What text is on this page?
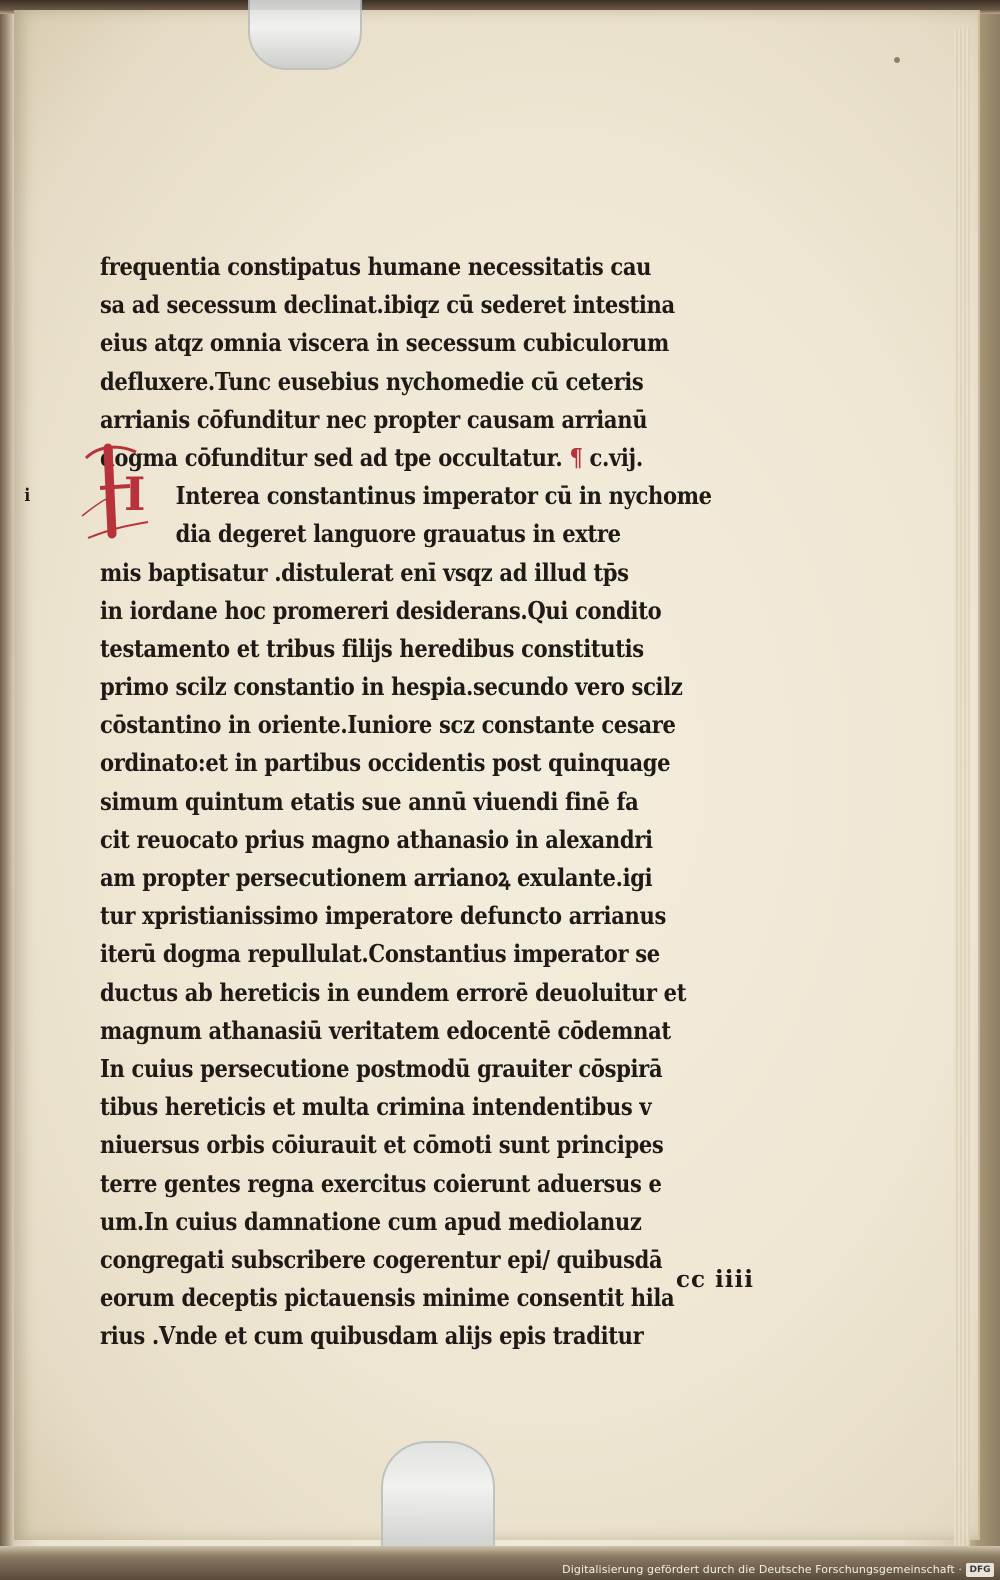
frequentia constipatus humane necessitatis cau
sa ad secessum declinat.ibiqz cū sederet intestina
eius atqz omnia viscera in secessum cubiculorum
defluxere.Tunc eusebius nychomedie cū ceteris
arrianis cōfunditur nec propter causam arrianū
dogma cōfunditur sed ad tpe occultatur. ¶ c.vij.
i	Interea constantinus imperator cū in nychome
dia degeret languore grauatus in extre
mis baptisatur .distulerat enī vsqz ad illud tp̄s
in iordane hoc promereri desiderans.Qui condito
testamento et tribus filijs heredibus constitutis
primo scilz constantio in hespia.secundo vero scilz
cōstantino in oriente.Iuniore scz constante cesare
ordinato:et in partibus occidentis post quinquage
simum quintum etatis sue annū viuendi finē fa
cit reuocato prius magno athanasio in alexandri
am propter persecutionem arrianoꝝ exulante.igi
tur xpristianissimo imperatore defuncto arrianus
iterū dogma repullulat.Constantius imperator se
ductus ab hereticis in eundem errorē deuoluitur et
magnum athanasiū veritatem edocentē cōdemnat
In cuius persecutione postmodū grauiter cōspirā
tibus hereticis et multa crimina intendentibus v
niuersus orbis cōiurauit et cōmoti sunt principes
terre gentes regna exercitus coierunt aduersus e
um.In cuius damnatione cum apud mediolanuz
congregati subscribere cogerentur epi/ quibusdā
eorum deceptis pictauensis minime consentit hila
rius .Vnde et cum quibusdam alijs epis traditur
I
cc iiii
Digitalisierung gefördert durch die Deutsche Forschungsgemeinschaft · DFG
